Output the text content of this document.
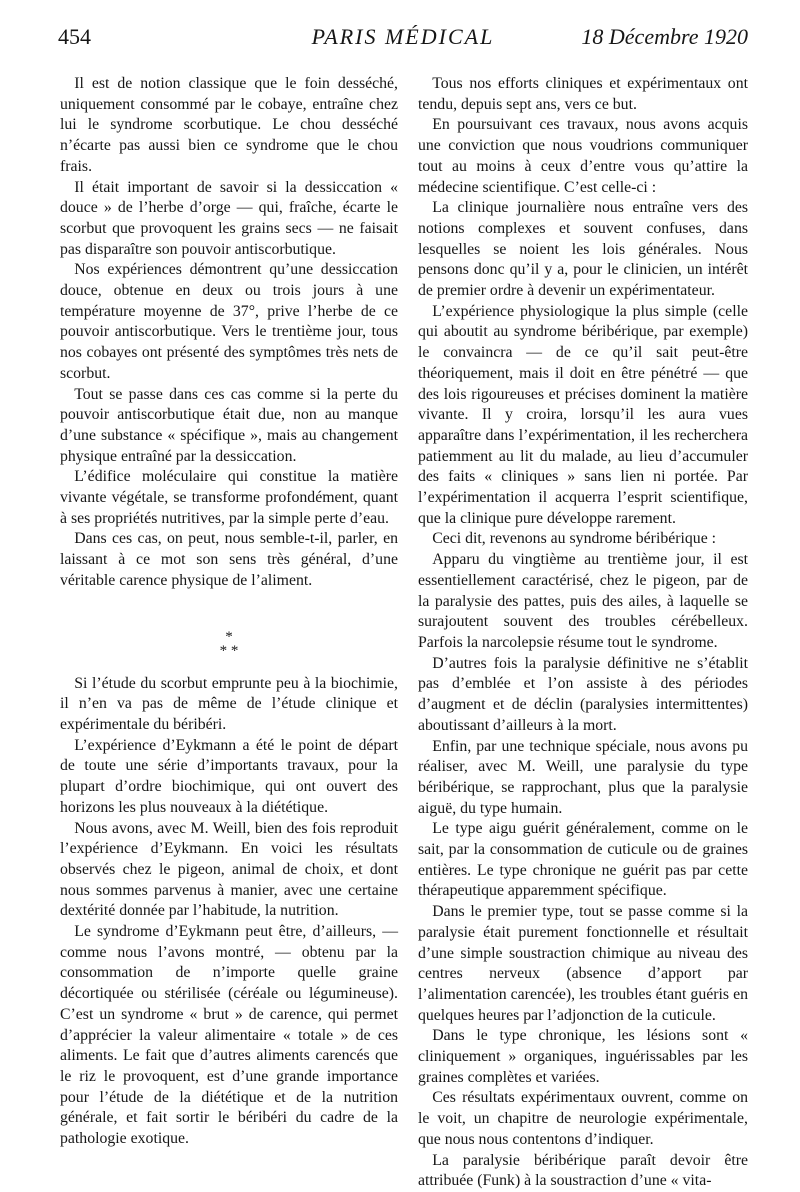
454	PARIS MÉDICAL	18 Décembre 1920

Il est de notion classique que le foin desséché, uniquement consommé par le cobaye, entraîne chez lui le syndrome scorbutique. Le chou desséché n’écarte pas aussi bien ce syndrome que le chou frais.

Il était important de savoir si la dessiccation « douce » de l’herbe d’orge — qui, fraîche, écarte le scorbut que provoquent les grains secs — ne faisait pas disparaître son pouvoir antiscorbutique.

Nos expériences démontrent qu’une dessiccation douce, obtenue en deux ou trois jours à une température moyenne de 37°, prive l’herbe de ce pouvoir antiscorbutique. Vers le trentième jour, tous nos cobayes ont présenté des symptômes très nets de scorbut.

Tout se passe dans ces cas comme si la perte du pouvoir antiscorbutique était due, non au manque d’une substance « spécifique », mais au changement physique entraîné par la dessiccation.

L’édifice moléculaire qui constitue la matière vivante végétale, se transforme profondément, quant à ses propriétés nutritives, par la simple perte d’eau.

Dans ces cas, on peut, nous semble-t-il, parler, en laissant à ce mot son sens très général, d’une véritable carence physique de l’aliment.

*
* *

Si l’étude du scorbut emprunte peu à la biochimie, il n’en va pas de même de l’étude clinique et expérimentale du béribéri.

L’expérience d’Eykmann a été le point de départ de toute une série d’importants travaux, pour la plupart d’ordre biochimique, qui ont ouvert des horizons les plus nouveaux à la diététique.

Nous avons, avec M. Weill, bien des fois reproduit l’expérience d’Eykmann. En voici les résultats observés chez le pigeon, animal de choix, et dont nous sommes parvenus à manier, avec une certaine dextérité donnée par l’habitude, la nutrition.

Le syndrome d’Eykmann peut être, d’ailleurs, — comme nous l’avons montré, — obtenu par la consommation de n’importe quelle graine décortiquée ou stérilisée (céréale ou légumineuse). C’est un syndrome « brut » de carence, qui permet d’apprécier la valeur alimentaire « totale » de ces aliments. Le fait que d’autres aliments carencés que le riz le provoquent, est d’une grande importance pour l’étude de la diététique et de la nutrition générale, et fait sortir le béribéri du cadre de la pathologie exotique.

Tous nos efforts cliniques et expérimentaux ont tendu, depuis sept ans, vers ce but.

En poursuivant ces travaux, nous avons acquis une conviction que nous voudrions communiquer tout au moins à ceux d’entre vous qu’attire la médecine scientifique. C’est celle-ci :

La clinique journalière nous entraîne vers des notions complexes et souvent confuses, dans lesquelles se noient les lois générales. Nous pensons donc qu’il y a, pour le clinicien, un intérêt de premier ordre à devenir un expérimentateur.

L’expérience physiologique la plus simple (celle qui aboutit au syndrome béribérique, par exemple) le convaincra — de ce qu’il sait peut-être théoriquement, mais il doit en être pénétré — que des lois rigoureuses et précises dominent la matière vivante. Il y croira, lorsqu’il les aura vues apparaître dans l’expérimentation, il les recherchera patiemment au lit du malade, au lieu d’accumuler des faits « cliniques » sans lien ni portée. Par l’expérimentation il acquerra l’esprit scientifique, que la clinique pure développe rarement.

Ceci dit, revenons au syndrome béribérique :

Apparu du vingtième au trentième jour, il est essentiellement caractérisé, chez le pigeon, par de la paralysie des pattes, puis des ailes, à laquelle se surajoutent souvent des troubles cérébelleux. Parfois la narcolepsie résume tout le syndrome.

D’autres fois la paralysie définitive ne s’établit pas d’emblée et l’on assiste à des périodes d’augment et de déclin (paralysies intermittentes) aboutissant d’ailleurs à la mort.

Enfin, par une technique spéciale, nous avons pu réaliser, avec M. Weill, une paralysie du type béribérique, se rapprochant, plus que la paralysie aiguë, du type humain.

Le type aigu guérit généralement, comme on le sait, par la consommation de cuticule ou de graines entières. Le type chronique ne guérit pas par cette thérapeutique apparemment spécifique.

Dans le premier type, tout se passe comme si la paralysie était purement fonctionnelle et résultait d’une simple soustraction chimique au niveau des centres nerveux (absence d’apport par l’alimentation carencée), les troubles étant guéris en quelques heures par l’adjonction de la cuticule.

Dans le type chronique, les lésions sont « cliniquement » organiques, inguérissables par les graines complètes et variées.

Ces résultats expérimentaux ouvrent, comme on le voit, un chapitre de neurologie expérimentale, que nous nous contentons d’indiquer.

La paralysie béribérique paraît devoir être attribuée (Funk) à la soustraction d’une « vita-
